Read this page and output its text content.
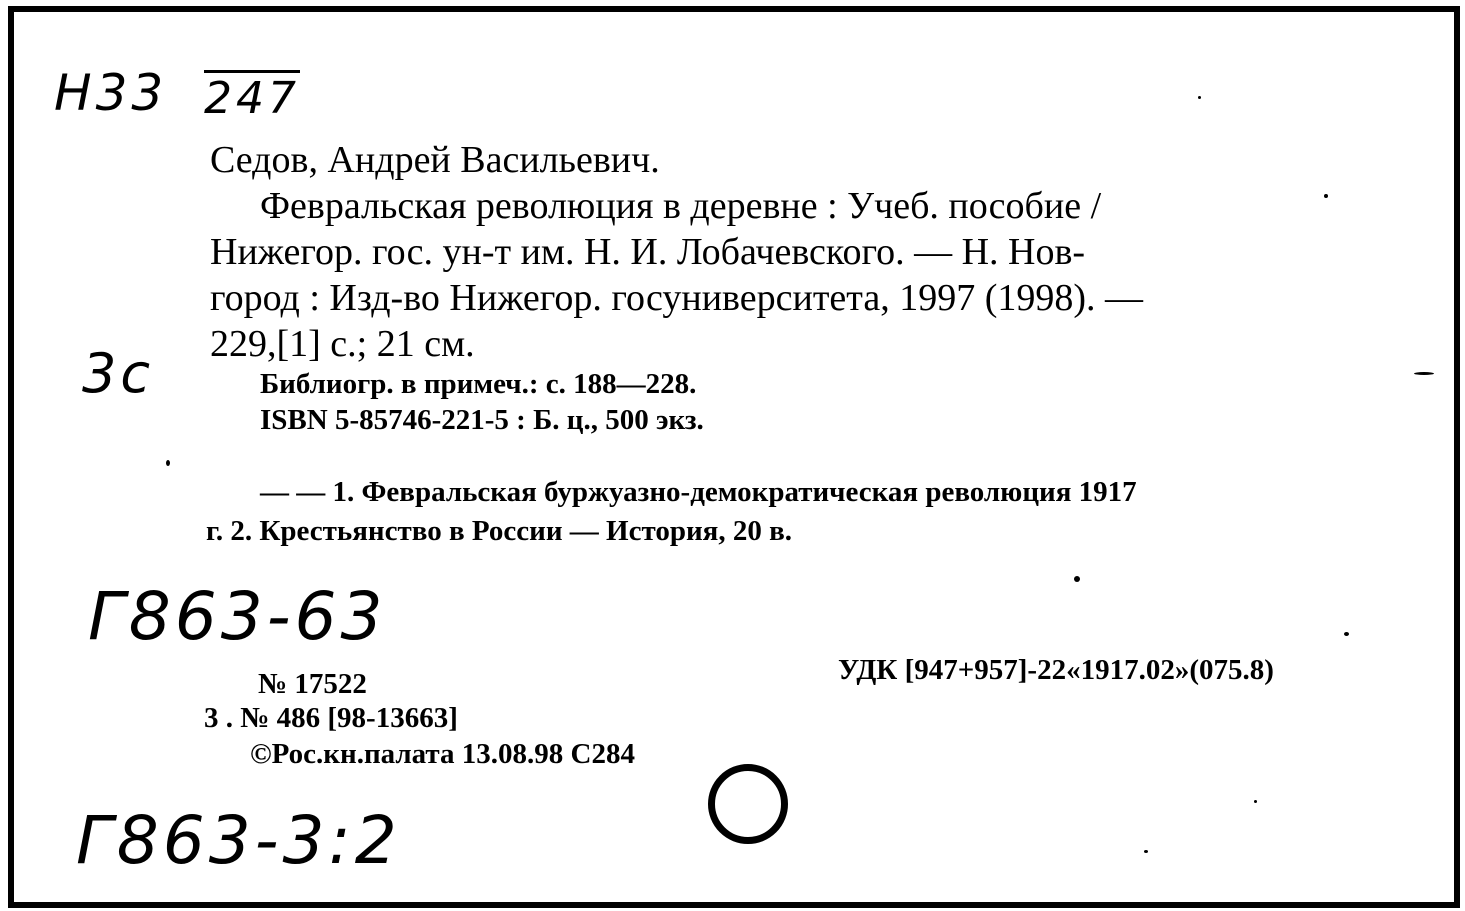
Н33 247
Седов, Андрей Васильевич.
Февральская революция в деревне : Учеб. пособие /
Нижегор. гос. ун-т им. Н. И. Лобачевского. — Н. Нов-
город : Изд-во Нижегор. госуниверситета, 1997 (1998). —
229,[1] с.; 21 см.
3с	Библиогр. в примеч.: с. 188—228.
ISBN 5-85746-221-5 : Б. ц., 500 экз.
— — 1. Февральская буржуазно-демократическая революция 1917
г. 2. Крестьянство в России — История, 20 в.
Г863-63
№ 17522	УДК [947+957]-22«1917.02»(075.8)
3 . № 486 [98-13663]
©Рос.кн.палата 13.08.98 С284
Г863-3:2
